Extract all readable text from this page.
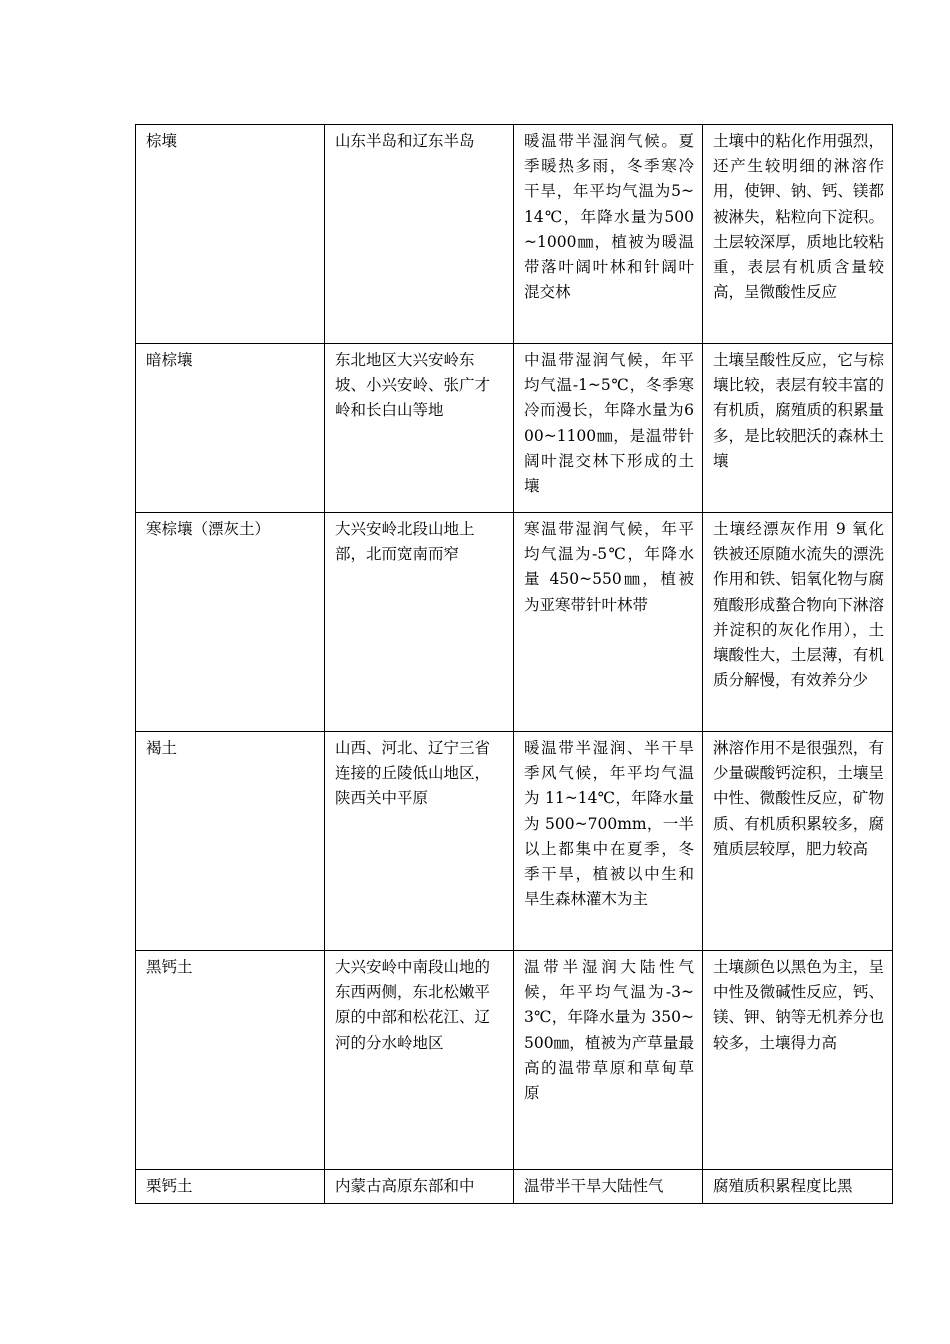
棕壤	山东半岛和辽东半岛	暖温带半湿润气候。夏季暖热多雨，冬季寒冷干旱，年平均气温为5~14℃，年降水量为500~1000㎜，植被为暖温带落叶阔叶林和针阔叶混交林	土壤中的粘化作用强烈，还产生较明细的淋溶作用，使钾、钠、钙、镁都被淋失，粘粒向下淀积。土层较深厚，质地比较粘重，表层有机质含量较高，呈微酸性反应
暗棕壤	东北地区大兴安岭东坡、小兴安岭、张广才岭和长白山等地	中温带湿润气候，年平均气温-1~5℃，冬季寒冷而漫长，年降水量为600~1100㎜，是温带针阔叶混交林下形成的土壤	土壤呈酸性反应，它与棕壤比较，表层有较丰富的有机质，腐殖质的积累量多，是比较肥沃的森林土壤
寒棕壤（漂灰土）	大兴安岭北段山地上部，北而宽南而窄	寒温带湿润气候，年平均气温为-5℃，年降水量 450~550㎜，植被为亚寒带针叶林带	土壤经漂灰作用 9 氧化铁被还原随水流失的漂洗作用和铁、铝氧化物与腐殖酸形成螯合物向下淋溶并淀积的灰化作用），土壤酸性大，土层薄，有机质分解慢，有效养分少
褐土	山西、河北、辽宁三省连接的丘陵低山地区，陕西关中平原	暖温带半湿润、半干旱季风气候，年平均气温为 11~14℃，年降水量为 500~700mm，一半以上都集中在夏季，冬季干旱，植被以中生和旱生森林灌木为主	淋溶作用不是很强烈，有少量碳酸钙淀积，土壤呈中性、微酸性反应，矿物质、有机质积累较多，腐殖质层较厚，肥力较高
黑钙土	大兴安岭中南段山地的东西两侧，东北松嫩平原的中部和松花江、辽河的分水岭地区	温带半湿润大陆性气候，年平均气温为-3~3℃，年降水量为 350~500㎜，植被为产草量最高的温带草原和草甸草原	土壤颜色以黑色为主，呈中性及微碱性反应，钙、镁、钾、钠等无机养分也较多，土壤得力高
栗钙土	内蒙古高原东部和中	温带半干旱大陆性气	腐殖质积累程度比黑
